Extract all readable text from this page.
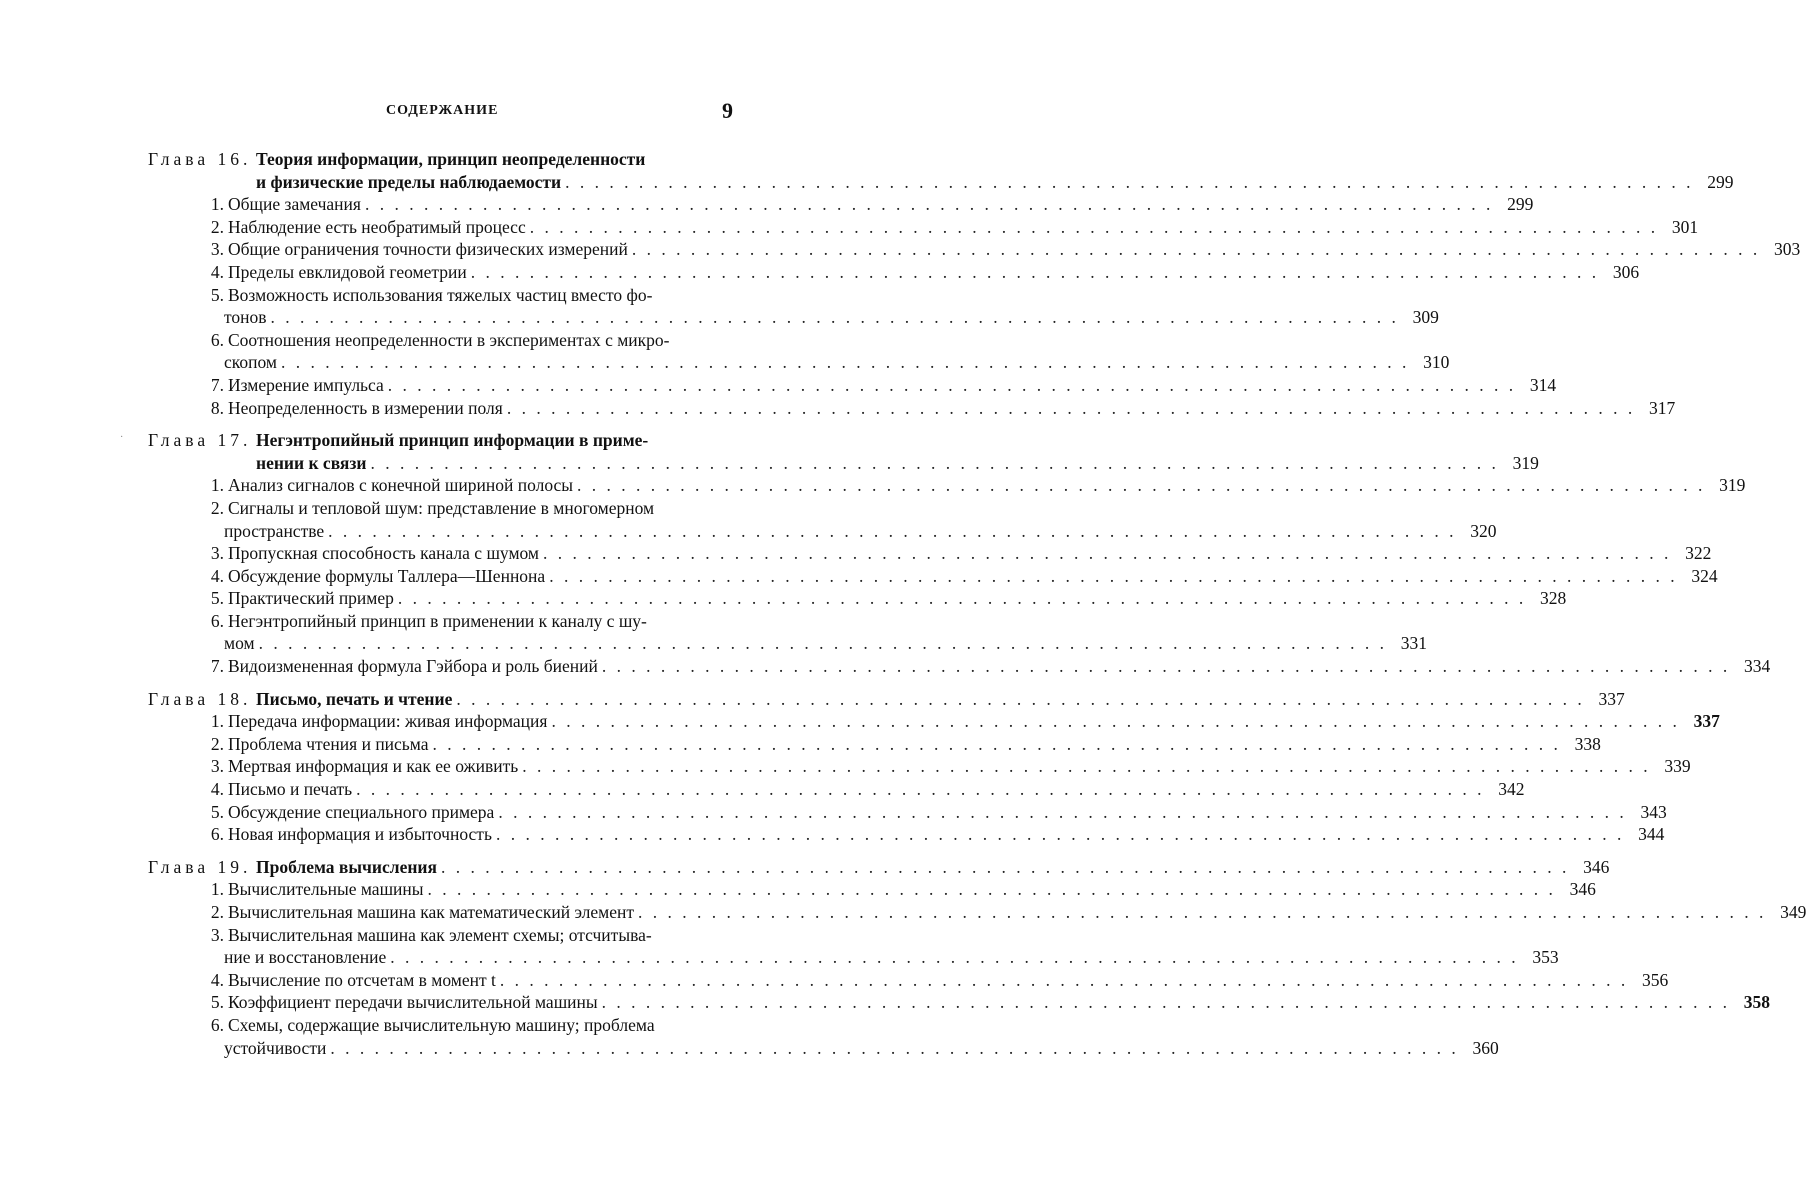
СОДЕРЖАНИЕ	9
·
Глава 16. Теория информации, принцип неопределенности
и физические пределы наблюдаемости . . .	299
1. Общие замечания . . .	299
2. Наблюдение есть необратимый процесс . . .	301
3. Общие ограничения точности физических измерений . . .	303
4. Пределы евклидовой геометрии . . .	306
5. Возможность использования тяжелых частиц вместо фо-
тонов . . .	309
6. Соотношения неопределенности в экспериментах с микро-
скопом . . .	310
7. Измерение импульса . . .	314
8. Неопределенность в измерении поля . . .	317
Глава 17. Негэнтропийный принцип информации в приме-
нении к связи . . .	319
1. Анализ сигналов с конечной шириной полосы . . .	319
2. Сигналы и тепловой шум: представление в многомерном
пространстве . . .	320
3. Пропускная способность канала с шумом . . .	322
4. Обсуждение формулы Таллера—Шеннона . . .	324
5. Практический пример . . .	328
6. Негэнтропийный принцип в применении к каналу с шу-
мом . . .	331
7. Видоизмененная формула Гэйбора и роль биений . . .	334
Глава 18. Письмо, печать и чтение . . .	337
1. Передача информации: живая информация . . .	337
2. Проблема чтения и письма . . .	338
3. Мертвая информация и как ее оживить . . .	339
4. Письмо и печать . . .	342
5. Обсуждение специального примера . . .	343
6. Новая информация и избыточность . . .	344
Глава 19. Проблема вычисления . . .	346
1. Вычислительные машины . . .	346
2. Вычислительная машина как математический элемент . . .	349
3. Вычислительная машина как элемент схемы; отсчитыва-
ние и восстановление . . .	353
4. Вычисление по отсчетам в момент t . . .	356
5. Коэффициент передачи вычислительной машины . . .	358
6. Схемы, содержащие вычислительную машину; проблема
устойчивости . . .	360
